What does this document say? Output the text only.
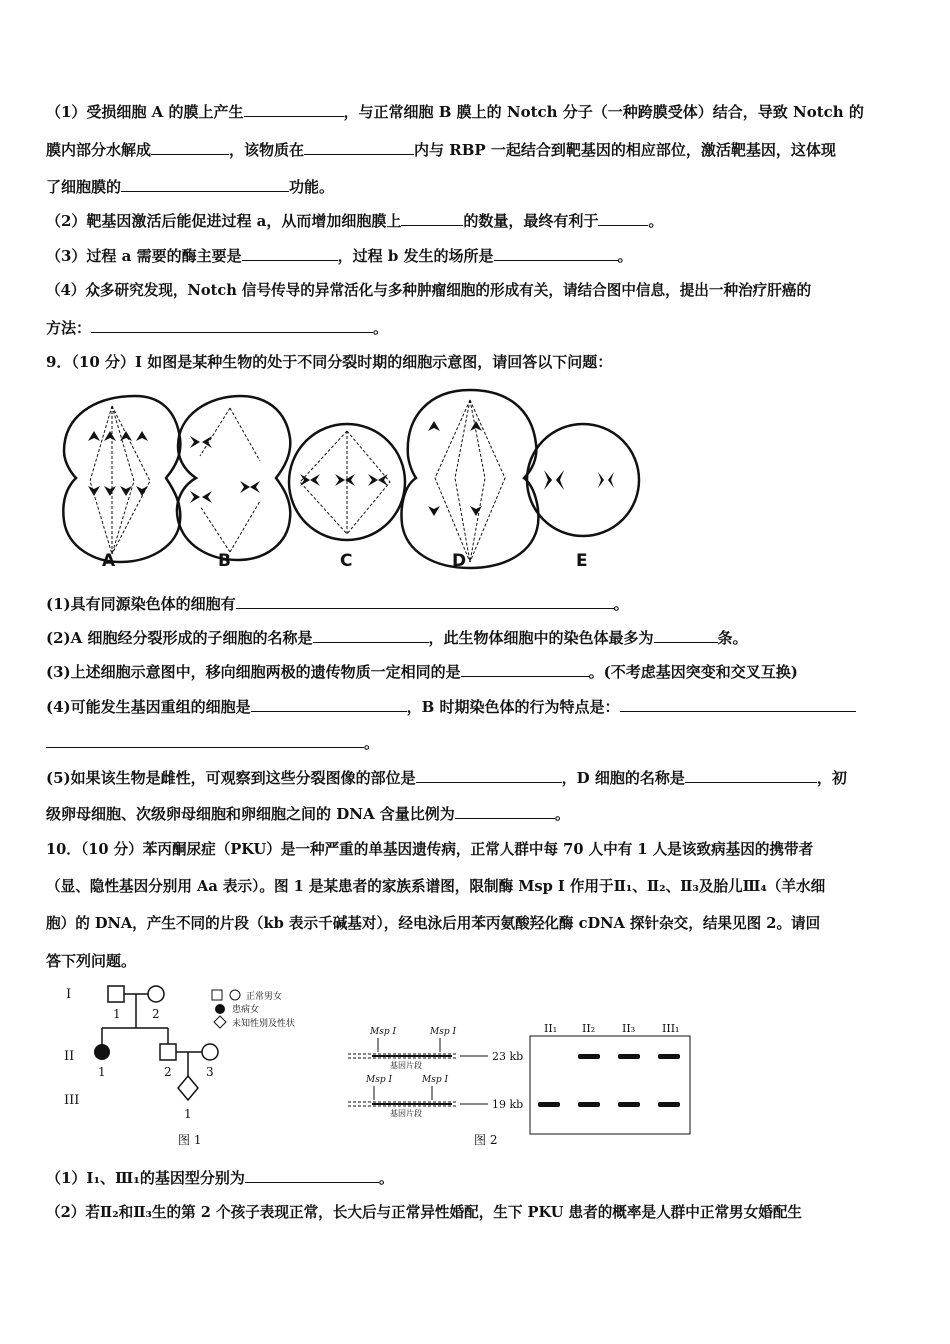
（1）受损细胞 A 的膜上产生	，与正常细胞 B 膜上的 Notch 分子（一种跨膜受体）结合，导致 Notch 的
膜内部分水解成	，该物质在	内与 RBP 一起结合到靶基因的相应部位，激活靶基因，这体现
了细胞膜的	功能。
（2）靶基因激活后能促进过程 a，从而增加细胞膜上	的数量，最终有利于	。
（3）过程 a 需要的酶主要是	，过程 b 发生的场所是	。
（4）众多研究发现，Notch 信号传导的异常活化与多种肿瘤细胞的形成有关，请结合图中信息，提出一种治疗肝癌的
方法：	。
9．（10 分）I 如图是某种生物的处于不同分裂时期的细胞示意图，请回答以下问题：
A	B	C	D	E
(1)具有同源染色体的细胞有	。
(2)A 细胞经分裂形成的子细胞的名称是	，此生物体细胞中的染色体最多为	条。
(3)上述细胞示意图中，移向细胞两极的遗传物质一定相同的是	。(不考虑基因突变和交叉互换)
(4)可能发生基因重组的细胞是	，B 时期染色体的行为特点是：
。
(5)如果该生物是雌性，可观察到这些分裂图像的部位是	，D 细胞的名称是	，初
级卵母细胞、次级卵母细胞和卵细胞之间的 DNA 含量比例为	。
10．（10 分）苯丙酮尿症（PKU）是一种严重的单基因遗传病，正常人群中每 70 人中有 1 人是该致病基因的携带者
（显、隐性基因分别用 Aa 表示）。图 1 是某患者的家族系谱图，限制酶 Msp I 作用于Ⅱ₁、Ⅱ₂、Ⅱ₃及胎儿Ⅲ₄（羊水细
胞）的 DNA，产生不同的片段（kb 表示千碱基对），经电泳后用苯丙氨酸羟化酶 cDNA 探针杂交，结果见图 2。请回
答下列问题。
I
II
III
1	2
1	2	3
1
正常男女
患病女
未知性别及性状
图 1
Msp I	Msp I
Msp I	Msp I
基因片段
基因片段
23 kb
19 kb
II₁ II₂ II₃ III₁
图 2
（1）I₁、Ⅲ₁的基因型分别为	。
（2）若Ⅱ₂和Ⅱ₃生的第 2 个孩子表现正常，长大后与正常异性婚配，生下 PKU 患者的概率是人群中正常男女婚配生
